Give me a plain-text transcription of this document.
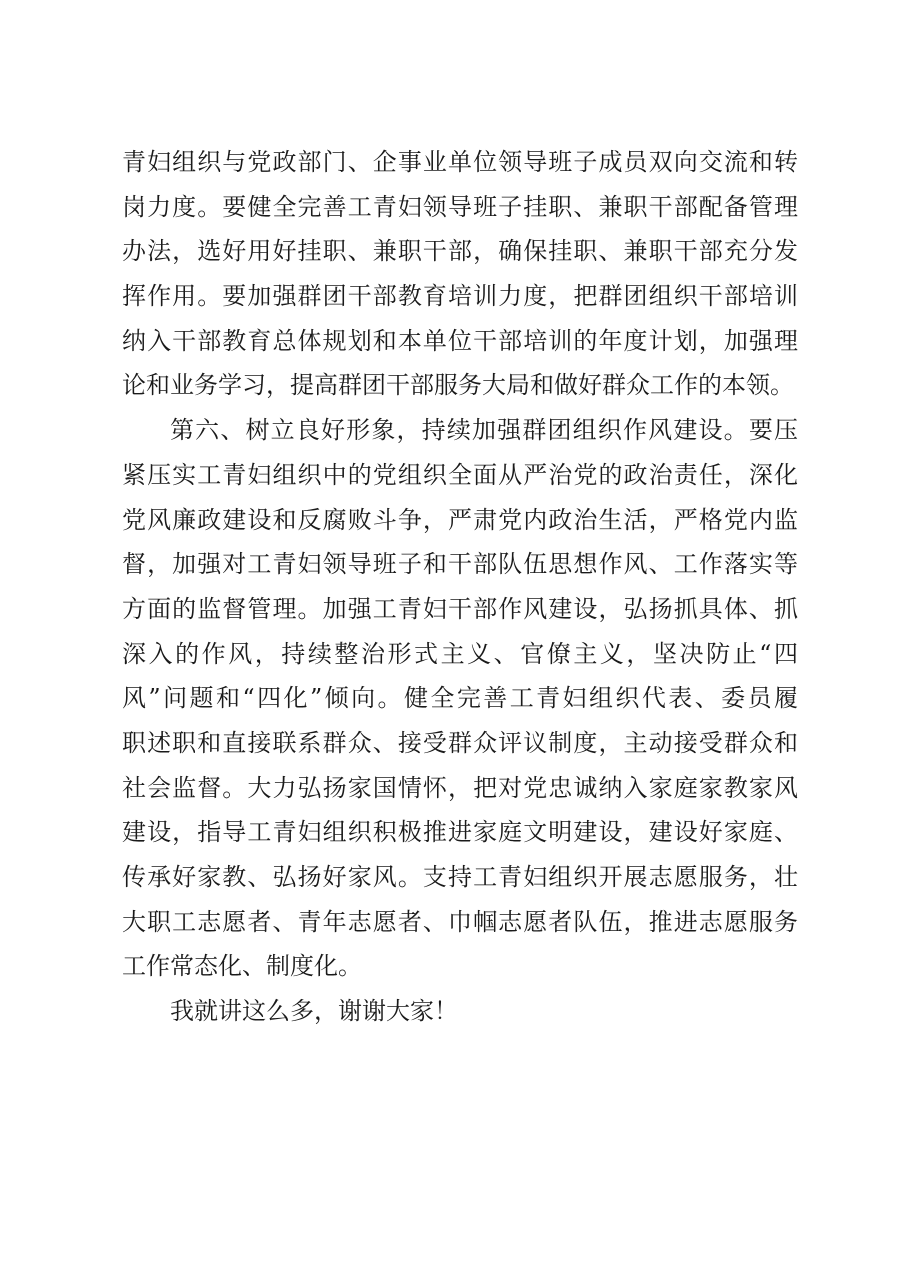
青妇组织与党政部门、企事业单位领导班子成员双向交流和转
岗力度。要健全完善工青妇领导班子挂职、兼职干部配备管理
办法，选好用好挂职、兼职干部，确保挂职、兼职干部充分发
挥作用。要加强群团干部教育培训力度，把群团组织干部培训
纳入干部教育总体规划和本单位干部培训的年度计划，加强理
论和业务学习，提高群团干部服务大局和做好群众工作的本领。
第六、树立良好形象，持续加强群团组织作风建设。要压
紧压实工青妇组织中的党组织全面从严治党的政治责任，深化
党风廉政建设和反腐败斗争，严肃党内政治生活，严格党内监
督，加强对工青妇领导班子和干部队伍思想作风、工作落实等
方面的监督管理。加强工青妇干部作风建设，弘扬抓具体、抓
深入的作风，持续整治形式主义、官僚主义，坚决防止“四
风”问题和“四化”倾向。健全完善工青妇组织代表、委员履
职述职和直接联系群众、接受群众评议制度，主动接受群众和
社会监督。大力弘扬家国情怀，把对党忠诚纳入家庭家教家风
建设，指导工青妇组织积极推进家庭文明建设，建设好家庭、
传承好家教、弘扬好家风。支持工青妇组织开展志愿服务，壮
大职工志愿者、青年志愿者、巾帼志愿者队伍，推进志愿服务
工作常态化、制度化。
我就讲这么多，谢谢大家！
